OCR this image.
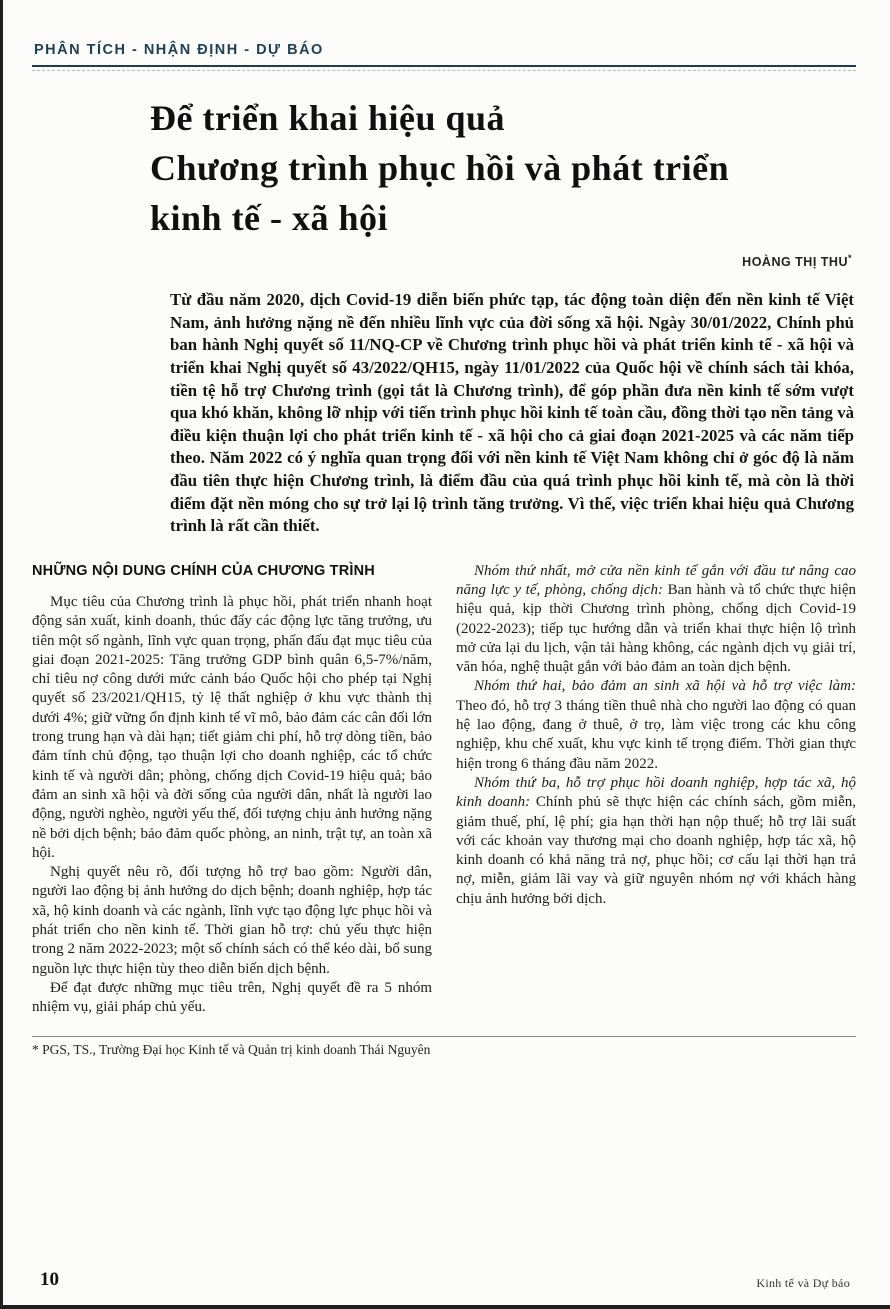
PHÂN TÍCH - NHẬN ĐỊNH - DỰ BÁO
Để triển khai hiệu quả
Chương trình phục hồi và phát triển
kinh tế - xã hội
HOÀNG THỊ THU*

Từ đầu năm 2020, dịch Covid-19 diễn biến phức tạp, tác động toàn diện đến nền kinh tế Việt Nam, ảnh hưởng nặng nề đến nhiều lĩnh vực của đời sống xã hội. Ngày 30/01/2022, Chính phủ ban hành Nghị quyết số 11/NQ-CP về Chương trình phục hồi và phát triển kinh tế - xã hội và triển khai Nghị quyết số 43/2022/QH15, ngày 11/01/2022 của Quốc hội về chính sách tài khóa, tiền tệ hỗ trợ Chương trình (gọi tắt là Chương trình), để góp phần đưa nền kinh tế sớm vượt qua khó khăn, không lỡ nhịp với tiến trình phục hồi kinh tế toàn cầu, đồng thời tạo nền tảng và điều kiện thuận lợi cho phát triển kinh tế - xã hội cho cả giai đoạn 2021-2025 và các năm tiếp theo. Năm 2022 có ý nghĩa quan trọng đối với nền kinh tế Việt Nam không chỉ ở góc độ là năm đầu tiên thực hiện Chương trình, là điểm đầu của quá trình phục hồi kinh tế, mà còn là thời điểm đặt nền móng cho sự trở lại lộ trình tăng trưởng. Vì thế, việc triển khai hiệu quả Chương trình là rất cần thiết.

NHỮNG NỘI DUNG CHÍNH CỦA CHƯƠNG TRÌNH

Mục tiêu của Chương trình là phục hồi, phát triển nhanh hoạt động sản xuất, kinh doanh, thúc đẩy các động lực tăng trưởng, ưu tiên một số ngành, lĩnh vực quan trọng, phấn đấu đạt mục tiêu của giai đoạn 2021-2025: Tăng trưởng GDP bình quân 6,5-7%/năm, chỉ tiêu nợ công dưới mức cảnh báo Quốc hội cho phép tại Nghị quyết số 23/2021/QH15, tỷ lệ thất nghiệp ở khu vực thành thị dưới 4%; giữ vững ổn định kinh tế vĩ mô, bảo đảm các cân đối lớn trong trung hạn và dài hạn; tiết giảm chi phí, hỗ trợ dòng tiền, bảo đảm tính chủ động, tạo thuận lợi cho doanh nghiệp, các tổ chức kinh tế và người dân; phòng, chống dịch Covid-19 hiệu quả; bảo đảm an sinh xã hội và đời sống của người dân, nhất là người lao động, người nghèo, người yếu thế, đối tượng chịu ảnh hưởng nặng nề bởi dịch bệnh; bảo đảm quốc phòng, an ninh, trật tự, an toàn xã hội.

Nghị quyết nêu rõ, đối tượng hỗ trợ bao gồm: Người dân, người lao động bị ảnh hưởng do dịch bệnh; doanh nghiệp, hợp tác xã, hộ kinh doanh và các ngành, lĩnh vực tạo động lực phục hồi và phát triển cho nền kinh tế. Thời gian hỗ trợ: chủ yếu thực hiện trong 2 năm 2022-2023; một số chính sách có thể kéo dài, bổ sung nguồn lực thực hiện tùy theo diễn biến dịch bệnh.

Để đạt được những mục tiêu trên, Nghị quyết đề ra 5 nhóm nhiệm vụ, giải pháp chủ yếu.

Nhóm thứ nhất, mở cửa nền kinh tế gắn với đầu tư nâng cao năng lực y tế, phòng, chống dịch: Ban hành và tổ chức thực hiện hiệu quả, kịp thời Chương trình phòng, chống dịch Covid-19 (2022-2023); tiếp tục hướng dẫn và triển khai thực hiện lộ trình mở cửa lại du lịch, vận tải hàng không, các ngành dịch vụ giải trí, văn hóa, nghệ thuật gắn với bảo đảm an toàn dịch bệnh.

Nhóm thứ hai, bảo đảm an sinh xã hội và hỗ trợ việc làm: Theo đó, hỗ trợ 3 tháng tiền thuê nhà cho người lao động có quan hệ lao động, đang ở thuê, ở trọ, làm việc trong các khu công nghiệp, khu chế xuất, khu vực kinh tế trọng điểm. Thời gian thực hiện trong 6 tháng đầu năm 2022.

Nhóm thứ ba, hỗ trợ phục hồi doanh nghiệp, hợp tác xã, hộ kinh doanh: Chính phủ sẽ thực hiện các chính sách, gồm miễn, giảm thuế, phí, lệ phí; gia hạn thời hạn nộp thuế; hỗ trợ lãi suất với các khoản vay thương mại cho doanh nghiệp, hợp tác xã, hộ kinh doanh có khả năng trả nợ, phục hồi; cơ cấu lại thời hạn trả nợ, miễn, giảm lãi vay và giữ nguyên nhóm nợ với khách hàng chịu ảnh hưởng bởi dịch.

* PGS, TS., Trường Đại học Kinh tế và Quản trị kinh doanh Thái Nguyên
10	Kinh tế và Dự báo
